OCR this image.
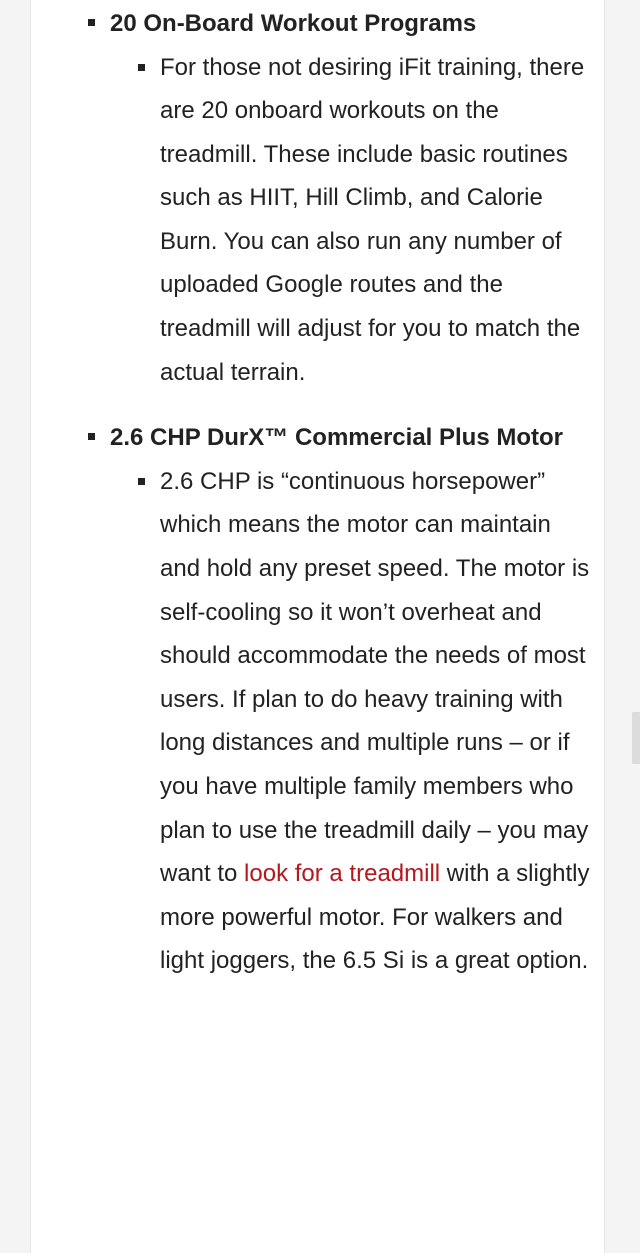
20 On-Board Workout Programs
For those not desiring iFit training, there are 20 onboard workouts on the treadmill. These include basic routines such as HIIT, Hill Climb, and Calorie Burn. You can also run any number of uploaded Google routes and the treadmill will adjust for you to match the actual terrain.
2.6 CHP DurX™ Commercial Plus Motor
2.6 CHP is “continuous horsepower” which means the motor can maintain and hold any preset speed. The motor is self-cooling so it won’t overheat and should accommodate the needs of most users. If plan to do heavy training with long distances and multiple runs – or if you have multiple family members who plan to use the treadmill daily – you may want to look for a treadmill with a slightly more powerful motor. For walkers and light joggers, the 6.5 Si is a great option.
